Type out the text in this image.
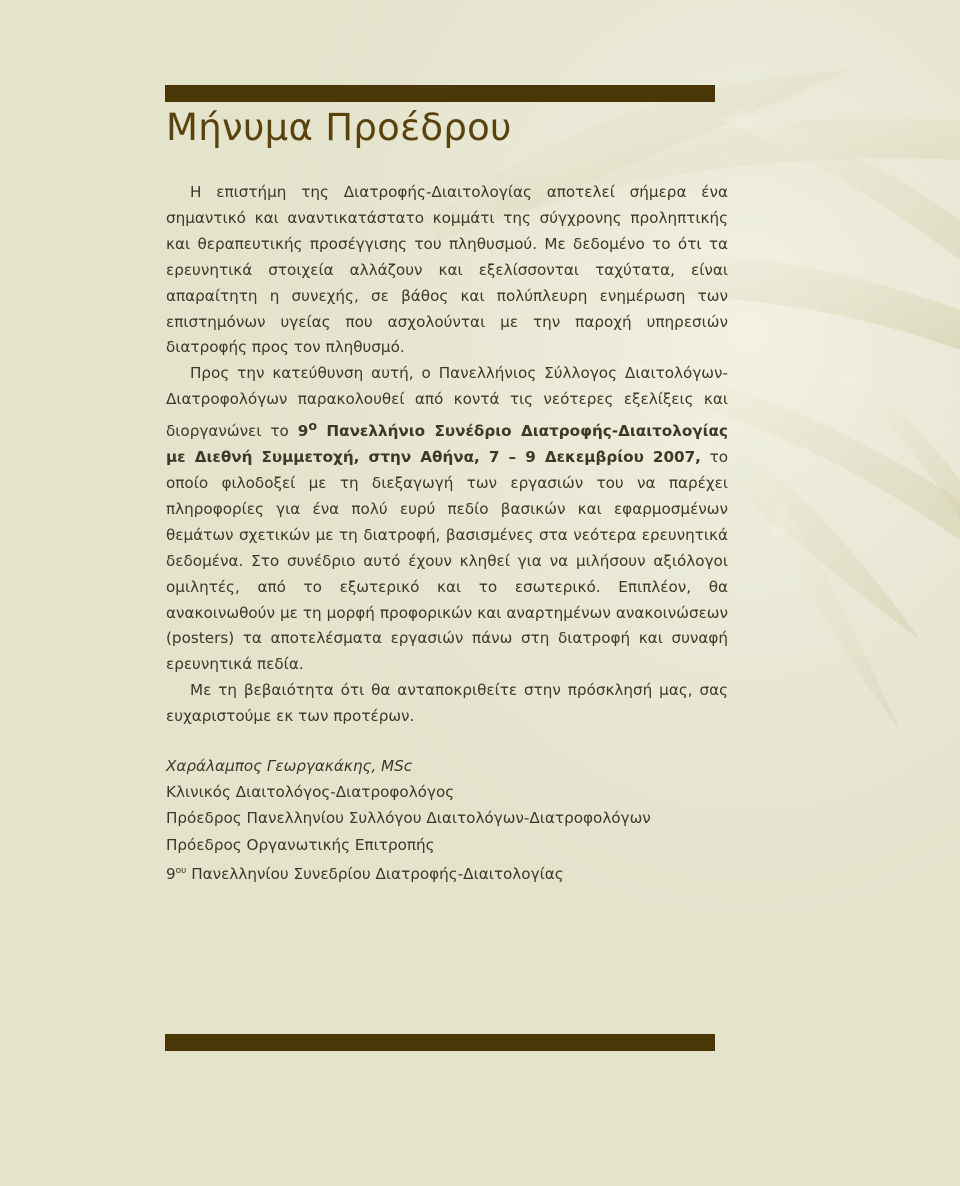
Μήνυμα Προέδρου

Η επιστήμη της Διατροφής-Διαιτολογίας αποτελεί σήμερα ένα σημαντικό και αναντικατάστατο κομμάτι της σύγχρονης προληπτικής και θεραπευτικής προσέγγισης του πληθυσμού. Με δεδομένο το ότι τα ερευνητικά στοιχεία αλλάζουν και εξελίσσονται ταχύτατα, είναι απαραίτητη η συνεχής, σε βάθος και πολύπλευρη ενημέρωση των επιστημόνων υγείας που ασχολούνται με την παροχή υπηρεσιών διατροφής προς τον πληθυσμό.

Προς την κατεύθυνση αυτή, ο Πανελλήνιος Σύλλογος Διαιτολόγων-Διατροφολόγων παρακολουθεί από κοντά τις νεότερες εξελίξεις και διοργανώνει το $9^o$ Πανελλήνιο Συνέδριο Διατροφής-Διαιτολογίας με Διεθνή Συμμετοχή, στην Αθήνα, 7 – 9 Δεκεμβρίου 2007, το οποίο φιλοδοξεί με τη διεξαγωγή των εργασιών του να παρέχει πληροφορίες για ένα πολύ ευρύ πεδίο βασικών και εφαρμοσμένων θεμάτων σχετικών με τη διατροφή, βασισμένες στα νεότερα ερευνητικά δεδομένα. Στο συνέδριο αυτό έχουν κληθεί για να μιλήσουν αξιόλογοι ομιλητές, από το εξωτερικό και το εσωτερικό. Επιπλέον, θα ανακοινωθούν με τη μορφή προφορικών και αναρτημένων ανακοινώσεων (posters) τα αποτελέσματα εργασιών πάνω στη διατροφή και συναφή ερευνητικά πεδία.

Με τη βεβαιότητα ότι θα ανταποκριθείτε στην πρόσκλησή μας, σας ευχαριστούμε εκ των προτέρων.

Χαράλαμπος Γεωργακάκης, MSc
Κλινικός Διαιτολόγος-Διατροφολόγος
Πρόεδρος Πανελληνίου Συλλόγου Διαιτολόγων-Διατροφολόγων
Πρόεδρος Οργανωτικής Επιτροπής
$9^{o\upsilon}$ Πανελληνίου Συνεδρίου Διατροφής-Διαιτολογίας
